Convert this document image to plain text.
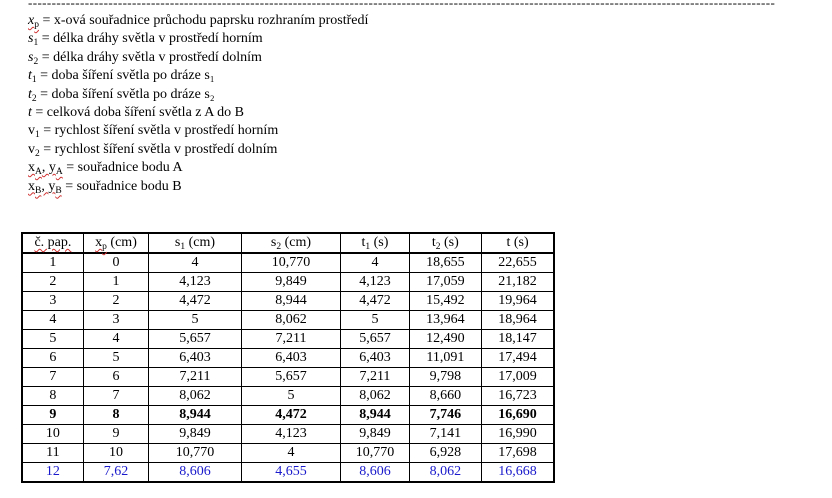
--------------------------------------------------------------------------------------------------------------------------------------------------------------
$x_p$ = x-ová souřadnice průchodu paprsku rozhraním prostředí
$s_1$ = délka dráhy světla v prostředí horním
$s_2$ = délka dráhy světla v prostředí dolním
$t_1$ = doba šíření světla po dráze s₁
$t_2$ = doba šíření světla po dráze s₂
t = celková doba šíření světla z A do B
$v_1$ = rychlost šíření světla v prostředí horním
$v_2$ = rychlost šíření světla v prostředí dolním
$x_A$, $y_A$ = souřadnice bodu A
$x_B$, $y_B$ = souřadnice bodu B
č. pap.	$x_p$ (cm)	$s_1$ (cm)	$s_2$ (cm)	$t_1$ (s)	$t_2$ (s)	t (s)
1	0	4	10,770	4	18,655	22,655
2	1	4,123	9,849	4,123	17,059	21,182
3	2	4,472	8,944	4,472	15,492	19,964
4	3	5	8,062	5	13,964	18,964
5	4	5,657	7,211	5,657	12,490	18,147
6	5	6,403	6,403	6,403	11,091	17,494
7	6	7,211	5,657	7,211	9,798	17,009
8	7	8,062	5	8,062	8,660	16,723
9	8	8,944	4,472	8,944	7,746	16,690
10	9	9,849	4,123	9,849	7,141	16,990
11	10	10,770	4	10,770	6,928	17,698
12	7,62	8,606	4,655	8,606	8,062	16,668
